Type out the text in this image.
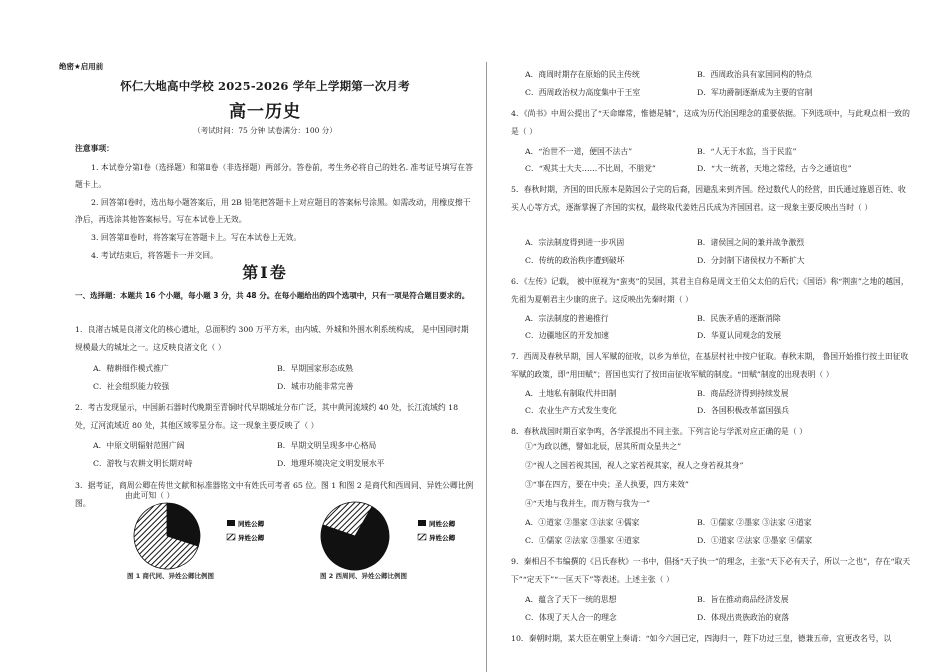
绝密★启用前
怀仁大地高中学校 2025-2026 学年上学期第一次月考
高一历史
（考试时间：75 分钟 试卷满分：100 分）
注意事项：
1. 本试卷分第Ⅰ卷（选择题）和第Ⅱ卷（非选择题）两部分。答卷前，考生务必将自己的姓名. 准考证号填写在答题卡上。
2. 回答第Ⅰ卷时，选出每小题答案后，用 2B 铅笔把答题卡上对应题目的答案标号涂黑。如需改动，用橡皮擦干净后，再选涂其他答案标号。写在本试卷上无效。
3. 回答第Ⅱ卷时，将答案写在答题卡上。写在本试卷上无效。
4. 考试结束后，将答题卡一并交回。
第Ⅰ卷
一、选择题：本题共 16 个小题，每小题 3 分，共 48 分。在每小题给出的四个选项中，只有一项是符合题目要求的。
1．良渚古城是良渚文化的核心遗址，总面积约 300 万平方米，由内城、外城和外围水利系统构成， 是中国同时期规模最大的城址之一。这反映良渚文化（ ）
A．精耕细作模式推广	B．早期国家形态成熟
C．社会组织能力较强	D．城市功能非常完善
2．考古发现显示，中国新石器时代晚期至青铜时代早期城址分布广泛，其中黄河流域约 40 处，长江流域约 18 处，辽河流域近 80 处，其他区域零星分布。这一现象主要反映了（ ）
A．中原文明辐射范围广阔	B．早期文明呈现多中心格局
C．游牧与农耕文明长期对峙	D．地理环境决定文明发展水平
3．据考证，商周公卿在传世文献和标准器铭文中有姓氏可考者 65 位。图 1 和图 2 是商代和西周同、异姓公卿比例图。
由此可知（ ）
同姓公卿
异姓公卿
图 1 商代同、异姓公卿比例图
同姓公卿
异姓公卿
图 2 西周同、异姓公卿比例图
A．商周时期存在原始的民主传统	B．西周政治具有家国同构的特点
C．西周政治权力高度集中于王室	D．军功爵制逐渐成为主要的官制
4．《尚书》中周公提出了“天命靡常，惟德是辅”，这成为历代治国理念的重要依据。下列选项中，与此观点相一致的是（ ）
A．“治世不一道，便国不法古”	B．“人无于水监，当于民监”
C．“观其士大夫……不比周，不朋党”	D．“大一统者，天地之常经，古今之通谊也”
5．春秋时期，齐国的田氏原本是陈国公子完的后裔，因避乱来到齐国。经过数代人的经营，田氏通过施恩百姓、收买人心等方式，逐渐掌握了齐国的实权，最终取代姜姓吕氏成为齐国国君。这一现象主要反映出当时（ ）
A．宗法制度得到进一步巩固	B．诸侯国之间的兼并战争激烈
C．传统的政治秩序遭到破坏	D．分封制下诸侯权力不断扩大
6．《左传》记载， 被中原视为“蛮夷”的吴国，其君主自称是周文王伯父太伯的后代；《国语》称“荆蛮”之地的越国，先祖为夏朝君主少康的庶子。这反映出先秦时期（ ）
A．宗法制度的普遍推行	B．民族矛盾的逐渐消除
C．边疆地区的开发加速	D．华夏认同观念的发展
7．西周及春秋早期，国人军赋的征收，以乡为单位，在基层村社中按户征取。春秋末期， 鲁国开始推行按土田征收军赋的政策，即“用田赋”；晋国也实行了按田亩征收军赋的制度。“田赋”制度的出现表明（ ）
A．土地私有制取代井田制	B．商品经济得到持续发展
C．农业生产方式发生变化	D．各国积极改革富国强兵
8．春秋战国时期百家争鸣，各学派提出不同主张。下列言论与学派对应正确的是（ ）
①“为政以德，譬如北辰，居其所而众星共之”
②“视人之国若视其国，视人之家若视其家，视人之身若视其身”
③“事在四方，要在中央；圣人执要，四方来效”
④“天地与我并生，而万物与我为一”
A．①道家 ②墨家 ③法家 ④儒家	B．①儒家 ②墨家 ③法家 ④道家
C．①儒家 ②法家 ③墨家 ④道家	D．①道家 ②法家 ③墨家 ④儒家
9．秦相吕不韦编撰的《吕氏春秋》一书中，倡扬“天子执一”的理念，主张“天下必有天子，所以一之也”，存在“取天下”“定天下”“一匡天下”等表述。上述主张（ ）
A．蕴含了天下一统的思想	B．旨在推动商品经济发展
C．体现了天人合一的理念	D．体现出贵族政治的衰落
10．秦朝时期，某大臣在朝堂上奏请：“如今六国已定，四海归一，陛下功过三皇，德兼五帝，宜更改名号，以
